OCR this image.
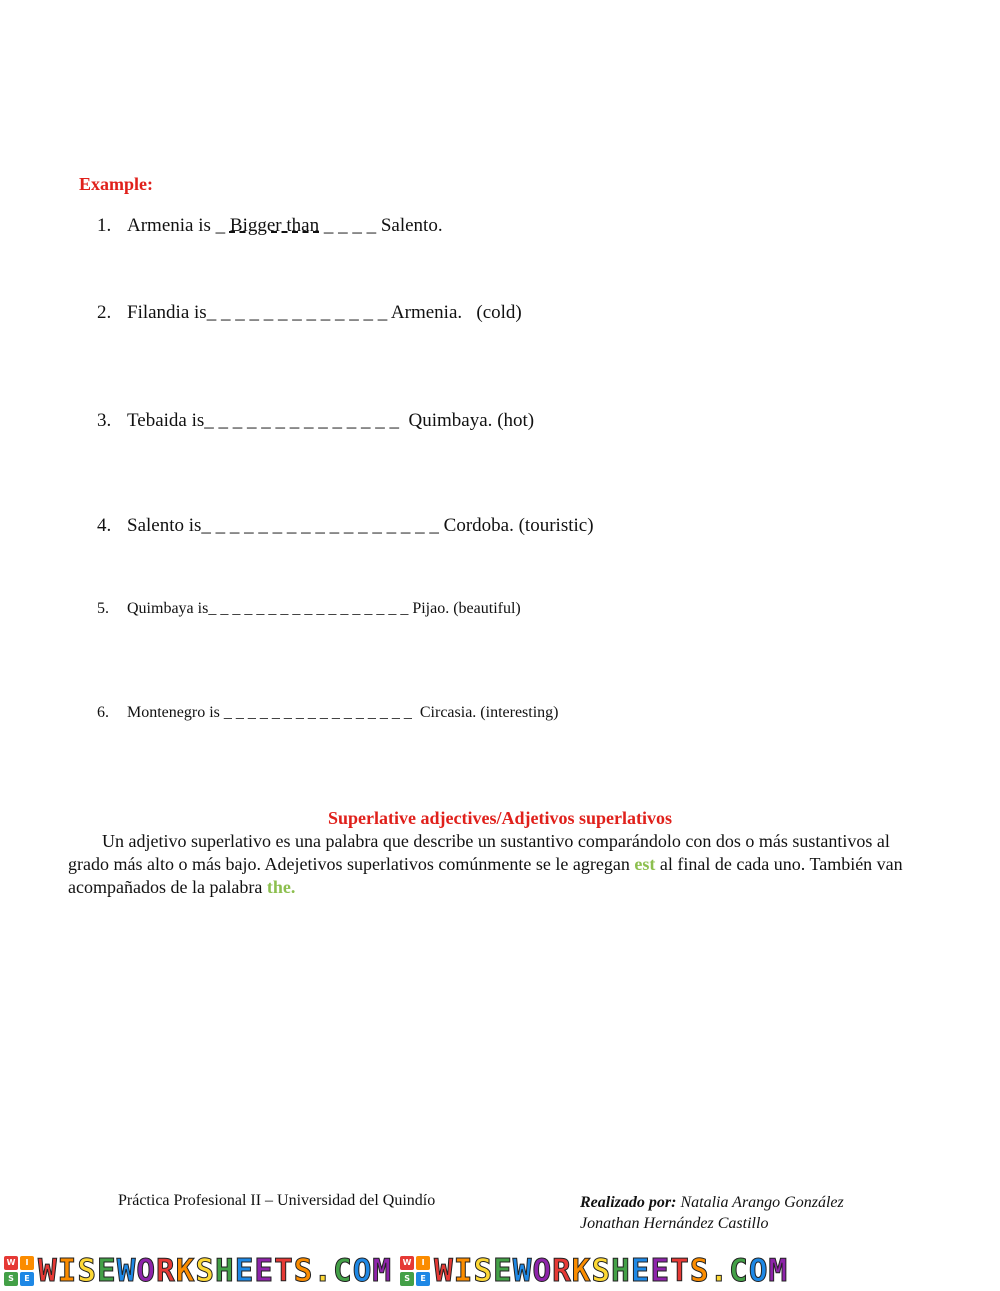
Example:
1. Armenia is _ Bigger than _ _ _ _ Salento.
2. Filandia is_ _ _ _ _ _ _ _ _ _ _ _ _ Armenia.   (cold)
3. Tebaida is_ _ _ _ _ _ _ _ _ _ _ _ _ _  Quimbaya. (hot)
4. Salento is_ _ _ _ _ _ _ _ _ _ _ _ _ _ _ _ _ Cordoba. (touristic)
5. Quimbaya is_ _ _ _ _ _ _ _ _ _ _ _ _ _ _ _ _ Pijao. (beautiful)
6. Montenegro is _ _ _ _ _ _ _ _ _ _ _ _ _ _ _ _  Circasia. (interesting)
Superlative adjectives/Adjetivos superlativos
Un adjetivo superlativo es una palabra que describe un sustantivo comparándolo con dos o más sustantivos al grado más alto o más bajo. Adejetivos superlativos comúnmente se le agregan est al final de cada uno. También van acompañados de la palabra the.
Práctica Profesional II – Universidad del Quindío	Realizado por: Natalia Arango González
Jonathan Hernández Castillo
W	I
S	E W I S E W O R K S H E E T S . C O M	W	I
S	E W I S E W O R K S H E E T S . C O M
